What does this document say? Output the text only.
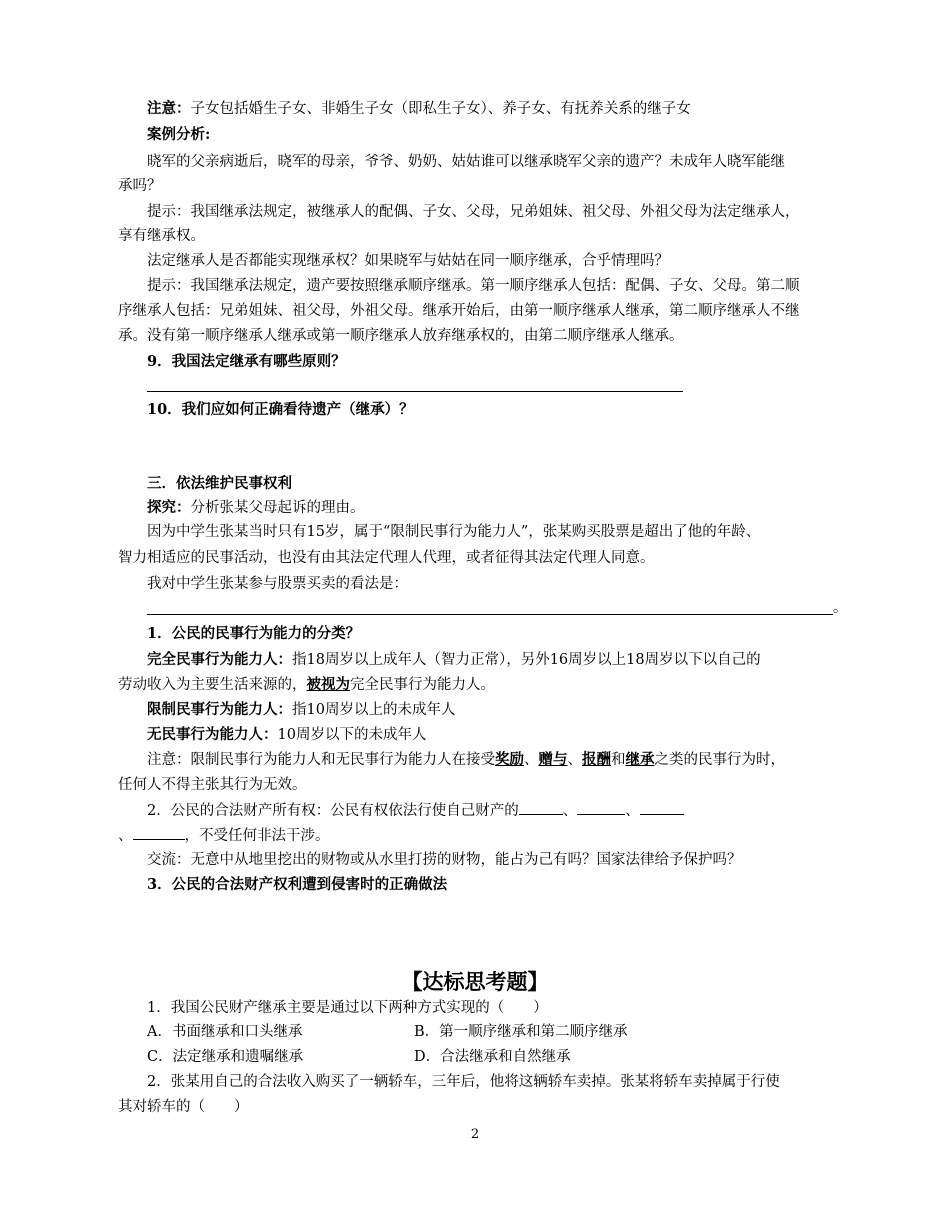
注意：子女包括婚生子女、非婚生子女（即私生子女）、养子女、有抚养关系的继子女
案例分析:
晓军的父亲病逝后，晓军的母亲，爷爷、奶奶、姑姑谁可以继承晓军父亲的遗产？未成年人晓军能继
承吗？
提示：我国继承法规定，被继承人的配偶、子女、父母，兄弟姐妹、祖父母、外祖父母为法定继承人，
享有继承权。
法定继承人是否都能实现继承权？如果晓军与姑姑在同一顺序继承，合乎情理吗？
提示：我国继承法规定，遗产要按照继承顺序继承。第一顺序继承人包括：配偶、子女、父母。第二顺
序继承人包括：兄弟姐妹、祖父母，外祖父母。继承开始后，由第一顺序继承人继承，第二顺序继承人不继
承。没有第一顺序继承人继承或第一顺序继承人放弃继承权的，由第二顺序继承人继承。
9．我国法定继承有哪些原则？
10．我们应如何正确看待遗产（继承）？
三．依法维护民事权利
探究：分析张某父母起诉的理由。
因为中学生张某当时只有15岁，属于“限制民事行为能力人”，张某购买股票是超出了他的年龄、
智力相适应的民事活动，也没有由其法定代理人代理，或者征得其法定代理人同意。
我对中学生张某参与股票买卖的看法是：
。
1．公民的民事行为能力的分类？
完全民事行为能力人：指18周岁以上成年人（智力正常），另外16周岁以上18周岁以下以自己的
劳动收入为主要生活来源的，被视为完全民事行为能力人。
限制民事行为能力人：指10周岁以上的未成年人
无民事行为能力人：10周岁以下的未成年人
注意：限制民事行为能力人和无民事行为能力人在接受奖励、赠与、报酬和继承之类的民事行为时，
任何人不得主张其行为无效。
2．公民的合法财产所有权：公民有权依法行使自己财产的	、	、
、	，不受任何非法干涉。
交流：无意中从地里挖出的财物或从水里打捞的财物，能占为己有吗？国家法律给予保护吗？
3．公民的合法财产权利遭到侵害时的正确做法
【达标思考题】
1．我国公民财产继承主要是通过以下两种方式实现的（　　）
A．书面继承和口头继承	B．第一顺序继承和第二顺序继承
C．法定继承和遗嘱继承	D．合法继承和自然继承
2．张某用自己的合法收入购买了一辆轿车，三年后，他将这辆轿车卖掉。张某将轿车卖掉属于行使
其对轿车的（　　）
2
